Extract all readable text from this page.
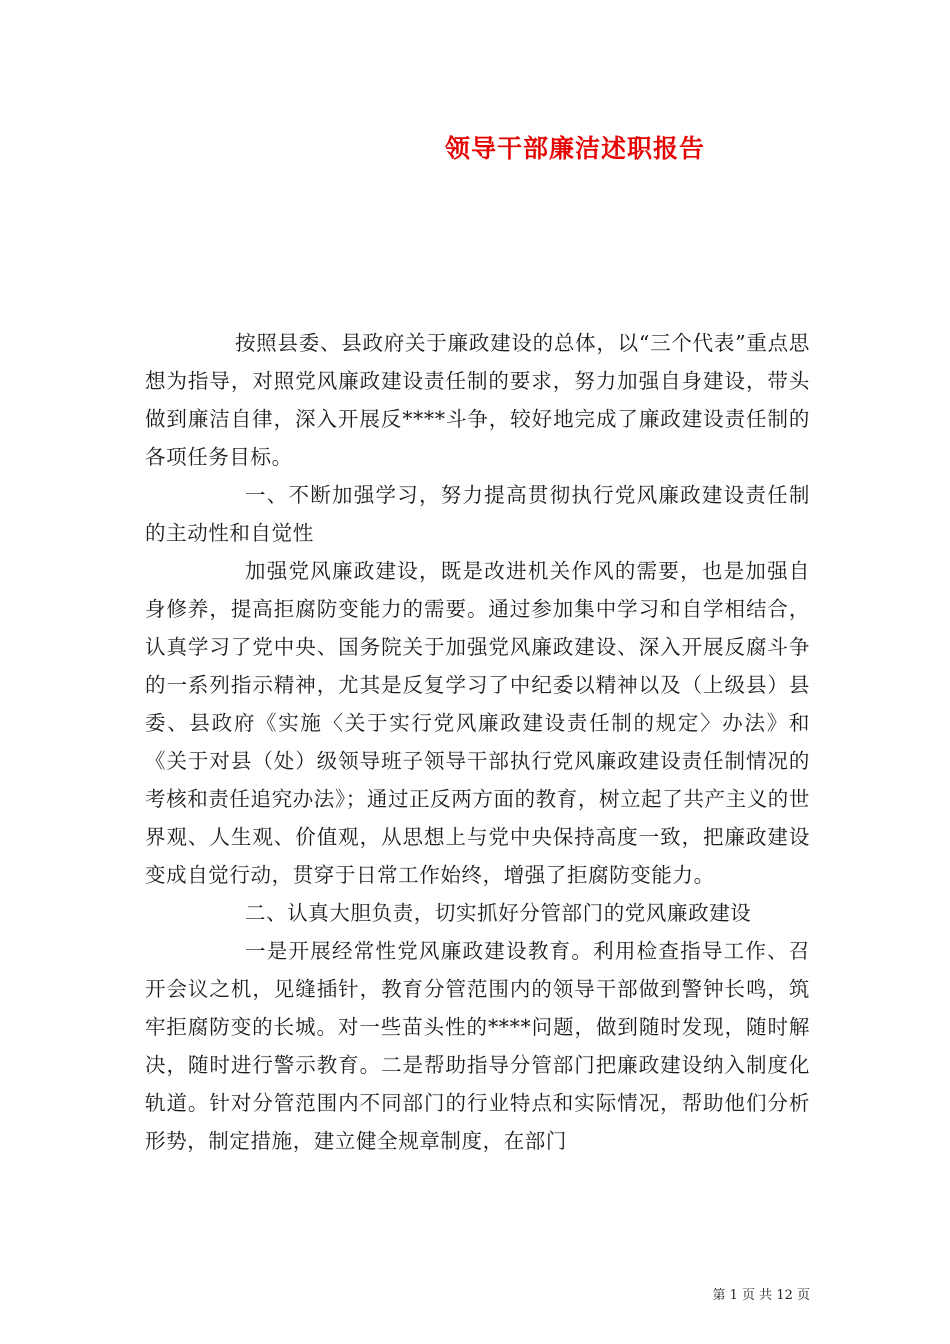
领导干部廉洁述职报告

按照县委、县政府关于廉政建设的总体，以“三个代表”重点思想为指导，对照党风廉政建设责任制的要求，努力加强自身建设，带头做到廉洁自律，深入开展反****斗争，较好地完成了廉政建设责任制的各项任务目标。

一、不断加强学习，努力提高贯彻执行党风廉政建设责任制的主动性和自觉性

加强党风廉政建设，既是改进机关作风的需要，也是加强自身修养，提高拒腐防变能力的需要。通过参加集中学习和自学相结合，认真学习了党中央、国务院关于加强党风廉政建设、深入开展反腐斗争的一系列指示精神，尤其是反复学习了中纪委以精神以及（上级县）县委、县政府《实施〈关于实行党风廉政建设责任制的规定〉办法》和《关于对县（处）级领导班子领导干部执行党风廉政建设责任制情况的考核和责任追究办法》；通过正反两方面的教育，树立起了共产主义的世界观、人生观、价值观，从思想上与党中央保持高度一致，把廉政建设变成自觉行动，贯穿于日常工作始终，增强了拒腐防变能力。

二、认真大胆负责，切实抓好分管部门的党风廉政建设

一是开展经常性党风廉政建设教育。利用检查指导工作、召开会议之机，见缝插针，教育分管范围内的领导干部做到警钟长鸣，筑牢拒腐防变的长城。对一些苗头性的****问题，做到随时发现，随时解决，随时进行警示教育。二是帮助指导分管部门把廉政建设纳入制度化轨道。针对分管范围内不同部门的行业特点和实际情况，帮助他们分析形势，制定措施，建立健全规章制度，在部门

第 1 页 共 12 页
